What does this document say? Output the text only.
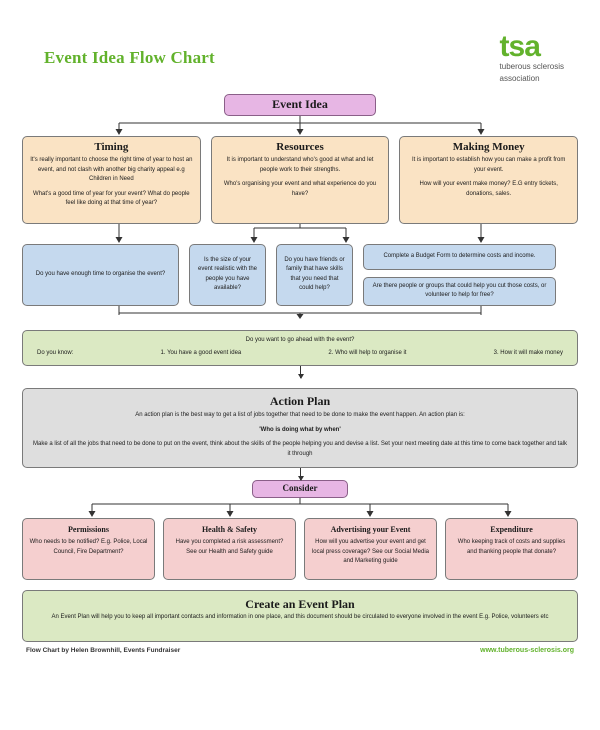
Event Idea Flow Chart	tsa
tuberous sclerosis
association
Event Idea
Timing

It's really important to choose the right time of year to host an event, and not clash with another big charity appeal e.g Children in Need

What's a good time of year for your event? What do people feel like doing at that time of year?

Resources

It is important to understand who's good at what and let people work to their strengths.

Who's organising your event and what experience do you have?

Making Money

It is important to establish how you can make a profit from your event.

How will your event make money? E.G entry tickets, donations, sales.

Do you have enough time to organise the event?
Is the size of your event realistic with the people you have available?
Do you have friends or family that have skills that you need that could help?
Complete a Budget Form to determine costs and income.
Are there people or groups that could help you cut those costs, or volunteer to help for free?
Do you want to go ahead with the event?
Do you know:	1. You have a good event idea	2. Who will help to organise it	3. How it will make money
Action Plan

An action plan is the best way to get a list of jobs together that need to be done to make the event happen. An action plan is:

'Who is doing what by when'

Make a list of all the jobs that need to be done to put on the event, think about the skills of the people helping you and devise a list. Set your next meeting date at this time to come back together and talk it through

Consider
Permissions

Who needs to be notified? E.g. Police, Local Council, Fire Department?

Health & Safety

Have you completed a risk assessment? See our Health and Safety guide

Advertising your Event

How will you advertise your event and get local press coverage? See our Social Media and Marketing guide

Expenditure

Who keeping track of costs and supplies and thanking people that donate?

Create an Event Plan

An Event Plan will help you to keep all important contacts and information in one place, and this document should be circulated to everyone involved in the event E.g. Police, volunteers etc

Flow Chart by Helen Brownhill, Events Fundraiser	www.tuberous-sclerosis.org
